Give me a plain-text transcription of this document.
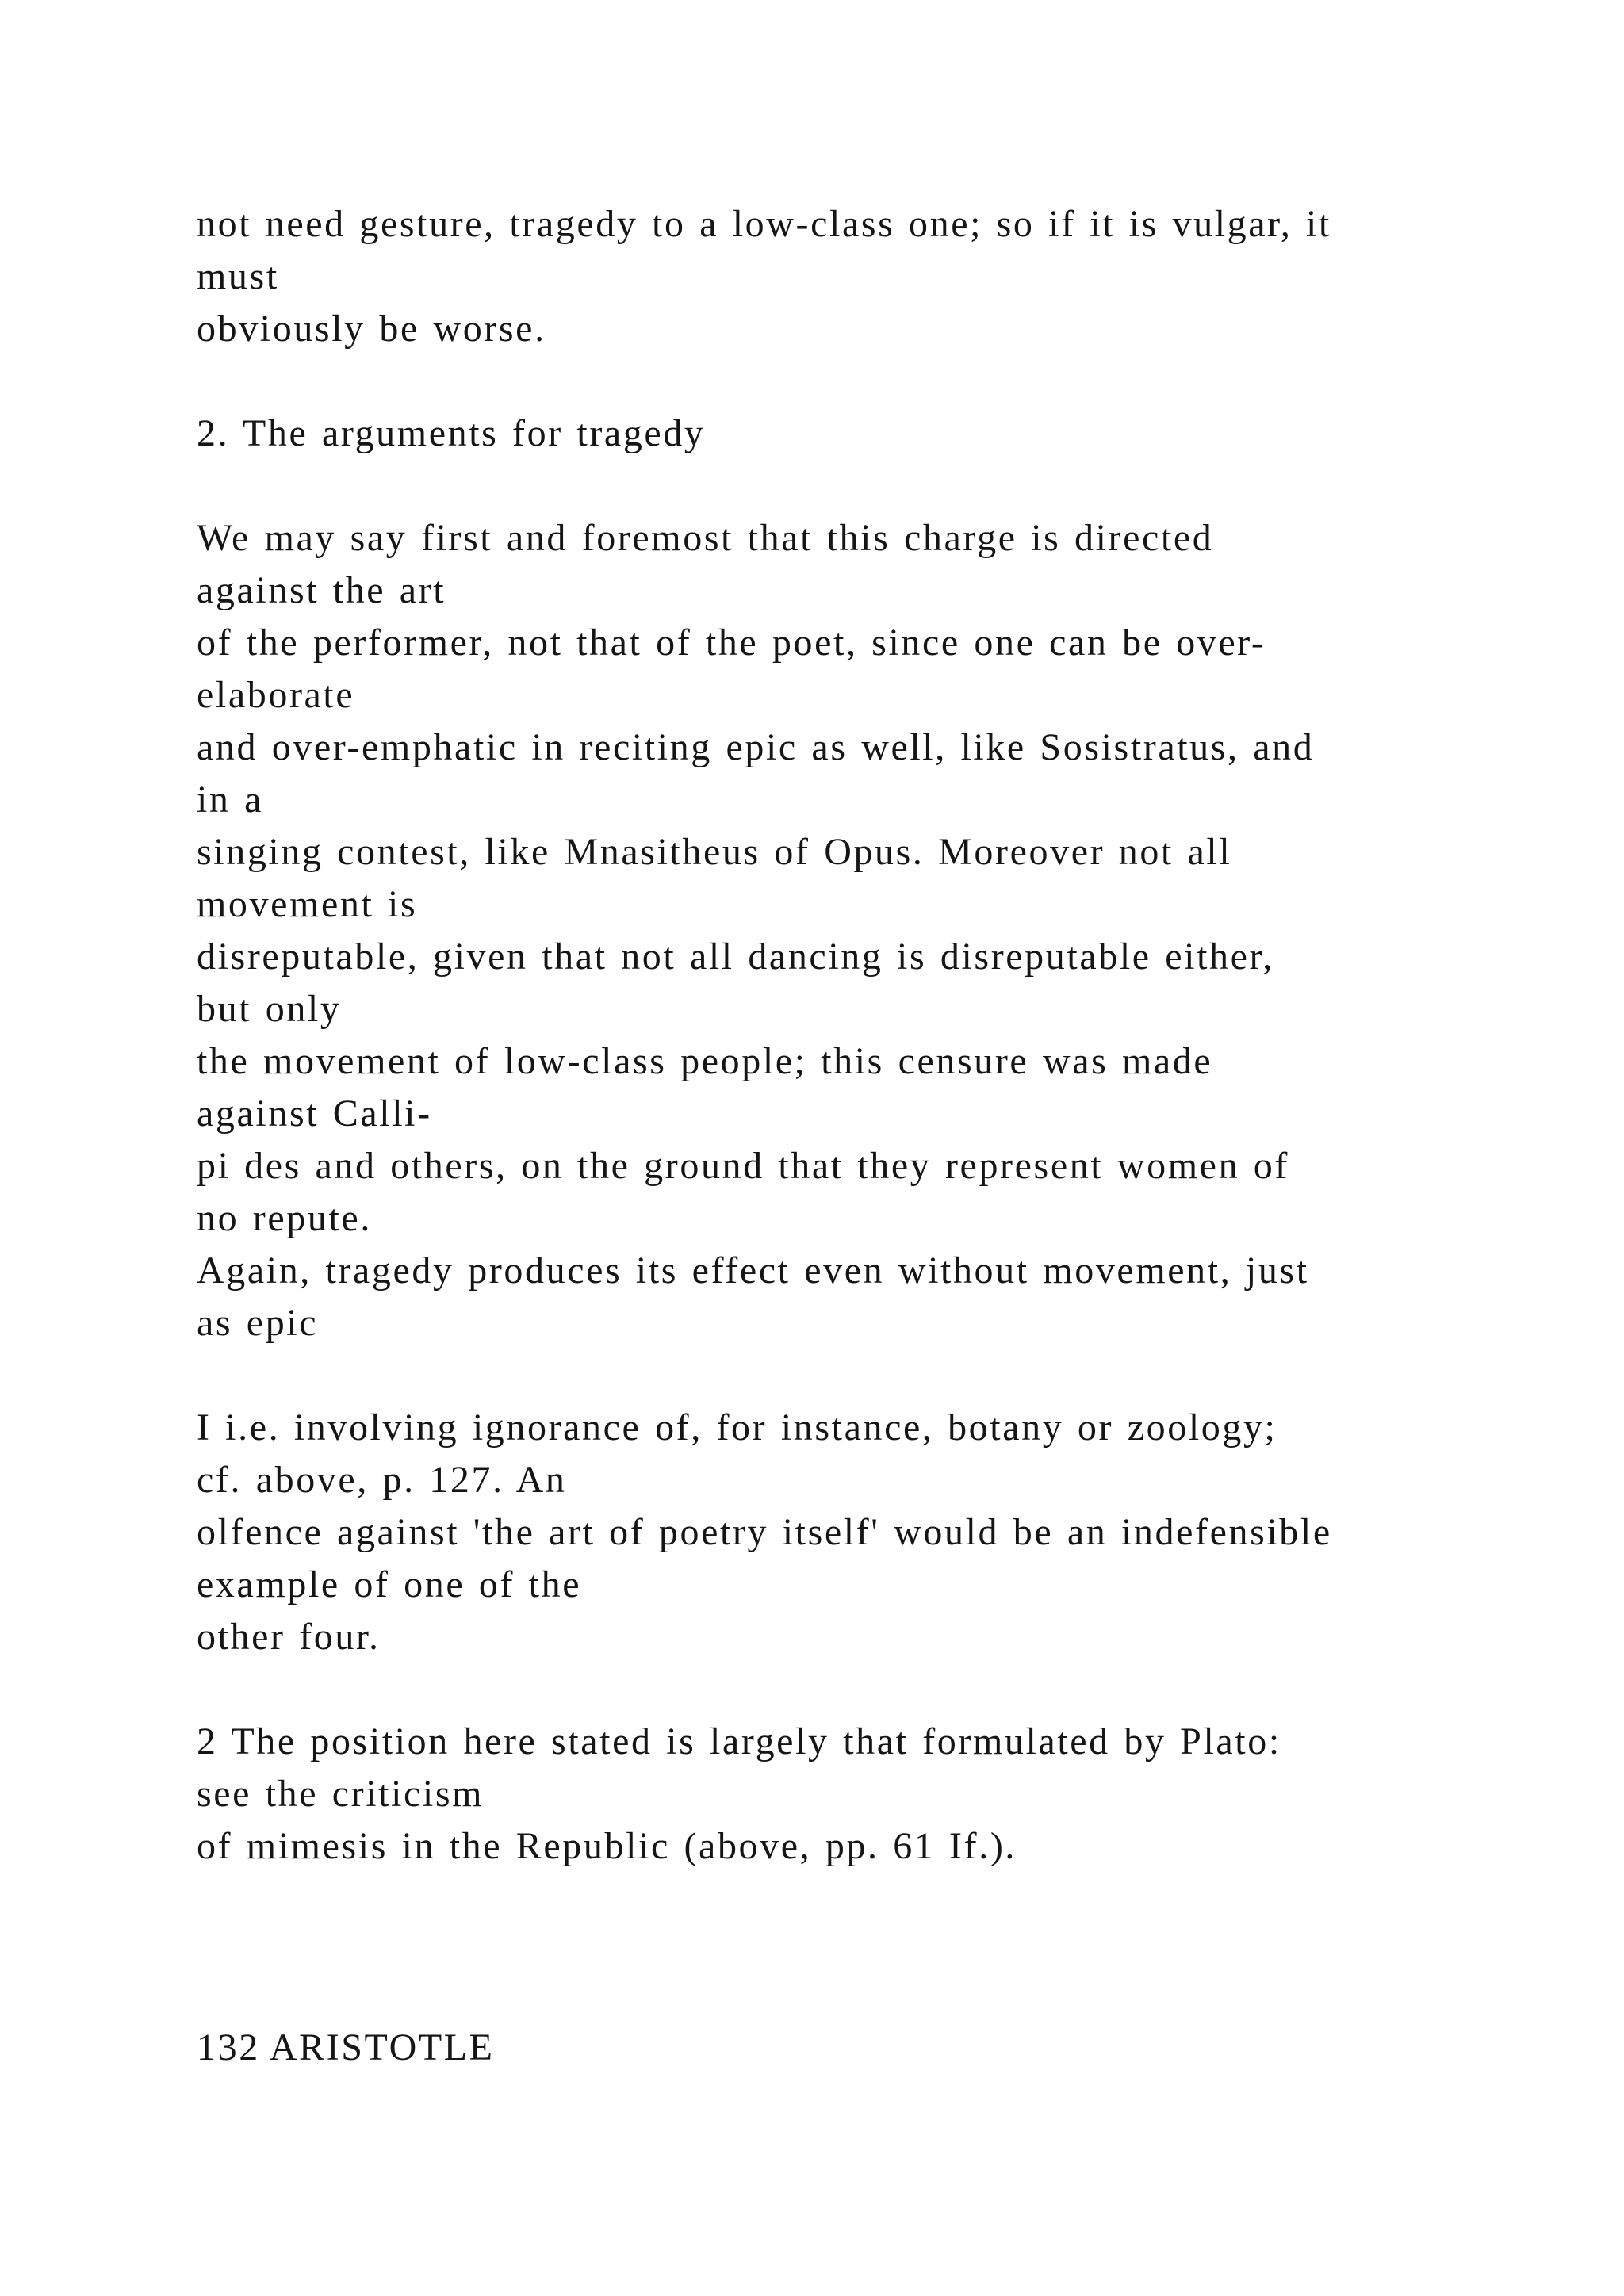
not need gesture, tragedy to a low-class one; so if it is vulgar, it
must
obviously be worse.
2. The arguments for tragedy
We may say first and foremost that this charge is directed
against the art
of the performer, not that of the poet, since one can be over-
elaborate
and over-emphatic in reciting epic as well, like Sosistratus, and
in a
singing contest, like Mnasitheus of Opus. Moreover not all
movement is
disreputable, given that not all dancing is disreputable either,
but only
the movement of low-class people; this censure was made
against Calli-
pi des and others, on the ground that they represent women of
no repute.
Again, tragedy produces its effect even without movement, just
as epic
I i.e. involving ignorance of, for instance, botany or zoology;
cf. above, p. 127. An
olfence against 'the art of poetry itself' would be an indefensible
example of one of the
other four.
2 The position here stated is largely that formulated by Plato:
see the criticism
of mimesis in the Republic (above, pp. 61 If.).
132 ARISTOTLE
